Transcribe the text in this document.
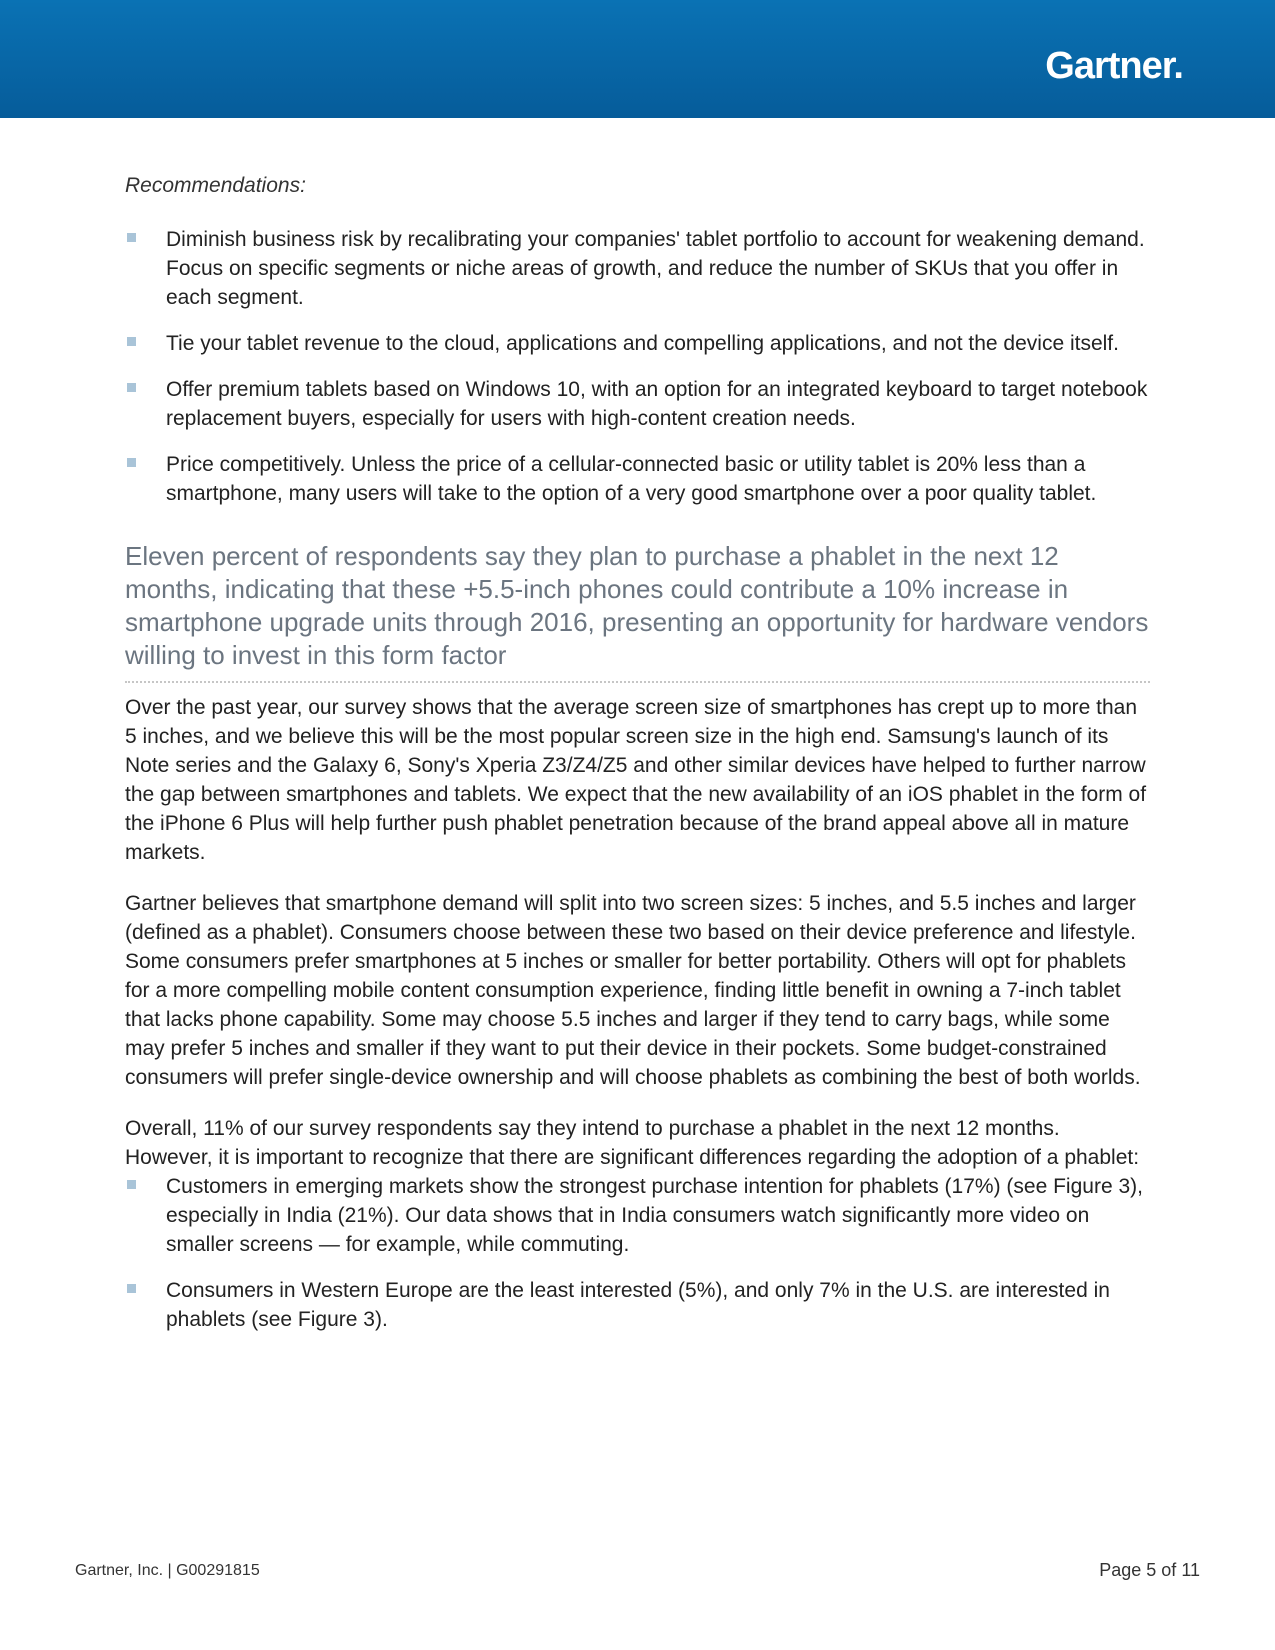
Gartner.
Recommendations:
Diminish business risk by recalibrating your companies' tablet portfolio to account for weakening demand. Focus on specific segments or niche areas of growth, and reduce the number of SKUs that you offer in each segment.
Tie your tablet revenue to the cloud, applications and compelling applications, and not the device itself.
Offer premium tablets based on Windows 10, with an option for an integrated keyboard to target notebook replacement buyers, especially for users with high-content creation needs.
Price competitively. Unless the price of a cellular-connected basic or utility tablet is 20% less than a smartphone, many users will take to the option of a very good smartphone over a poor quality tablet.
Eleven percent of respondents say they plan to purchase a phablet in the next 12 months, indicating that these +5.5-inch phones could contribute a 10% increase in smartphone upgrade units through 2016, presenting an opportunity for hardware vendors willing to invest in this form factor

Over the past year, our survey shows that the average screen size of smartphones has crept up to more than 5 inches, and we believe this will be the most popular screen size in the high end. Samsung's launch of its Note series and the Galaxy 6, Sony's Xperia Z3/Z4/Z5 and other similar devices have helped to further narrow the gap between smartphones and tablets. We expect that the new availability of an iOS phablet in the form of the iPhone 6 Plus will help further push phablet penetration because of the brand appeal above all in mature markets.

Gartner believes that smartphone demand will split into two screen sizes: 5 inches, and 5.5 inches and larger (defined as a phablet). Consumers choose between these two based on their device preference and lifestyle. Some consumers prefer smartphones at 5 inches or smaller for better portability. Others will opt for phablets for a more compelling mobile content consumption experience, finding little benefit in owning a 7-inch tablet that lacks phone capability. Some may choose 5.5 inches and larger if they tend to carry bags, while some may prefer 5 inches and smaller if they want to put their device in their pockets. Some budget-constrained consumers will prefer single-device ownership and will choose phablets as combining the best of both worlds.

Overall, 11% of our survey respondents say they intend to purchase a phablet in the next 12 months. However, it is important to recognize that there are significant differences regarding the adoption of a phablet:

Customers in emerging markets show the strongest purchase intention for phablets (17%) (see Figure 3), especially in India (21%). Our data shows that in India consumers watch significantly more video on smaller screens — for example, while commuting.
Consumers in Western Europe are the least interested (5%), and only 7% in the U.S. are interested in phablets (see Figure 3).
Gartner, Inc. | G00291815	Page 5 of 11
